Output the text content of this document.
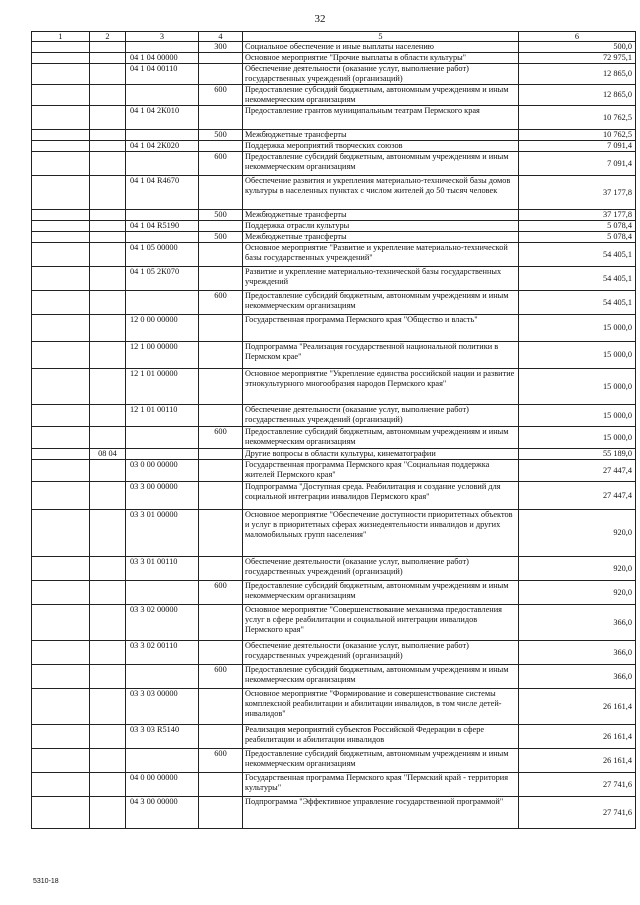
32
1	2	3	4	5	6
			300	Социальное обеспечение и иные выплаты населению	500,0
		04 1 04 00000		Основное мероприятие "Прочие выплаты в области культуры"	72 975,1
		04 1 04 00110		Обеспечение деятельности (оказание услуг, выполнение работ) государственных учреждений (организаций)	12 865,0
			600	Предоставление субсидий бюджетным, автономным учреждениям и иным некоммерческим организациям	12 865,0
		04 1 04 2К010		Предоставление грантов муниципальным театрам Пермского края	10 762,5
			500	Межбюджетные трансферты	10 762,5
		04 1 04 2К020		Поддержка мероприятий творческих союзов	7 091,4
			600	Предоставление субсидий бюджетным, автономным учреждениям и иным некоммерческим организациям	7 091,4
		04 1 04 R4670		Обеспечение развития и укрепления материально-технической базы домов культуры в населенных пунктах с числом жителей до 50 тысяч человек	37 177,8
			500	Межбюджетные трансферты	37 177,8
		04 1 04 R5190		Поддержка отрасли культуры	5 078,4
			500	Межбюджетные трансферты	5 078,4
		04 1 05 00000		Основное мероприятие "Развитие и укрепление материально-технической базы государственных учреждений"	54 405,1
		04 1 05 2К070		Развитие и укрепление материально-технической базы государственных учреждений	54 405,1
			600	Предоставление субсидий бюджетным, автономным учреждениям и иным некоммерческим организациям	54 405,1
		12 0 00 00000		Государственная программа Пермского края "Общество и власть"	15 000,0
		12 1 00 00000		Подпрограмма "Реализация государственной национальной политики в Пермском крае"	15 000,0
		12 1 01 00000		Основное мероприятие "Укрепление единства российской нации и развитие этнокультурного многообразия народов Пермского края"	15 000,0
		12 1 01 00110		Обеспечение деятельности (оказание услуг, выполнение работ) государственных учреждений (организаций)	15 000,0
			600	Предоставление субсидий бюджетным, автономным учреждениям и иным некоммерческим организациям	15 000,0
	08 04			Другие вопросы в области культуры, кинематографии	55 189,0
		03 0 00 00000		Государственная программа Пермского края "Социальная поддержка жителей Пермского края"	27 447,4
		03 3 00 00000		Подпрограмма "Доступная среда. Реабилитация и создание условий для социальной интеграции инвалидов Пермского края"	27 447,4
		03 3 01 00000		Основное мероприятие "Обеспечение доступности приоритетных объектов и услуг в приоритетных сферах жизнедеятельности инвалидов и других маломобильных групп населения"	920,0
		03 3 01 00110		Обеспечение деятельности (оказание услуг, выполнение работ) государственных учреждений (организаций)	920,0
			600	Предоставление субсидий бюджетным, автономным учреждениям и иным некоммерческим организациям	920,0
		03 3 02 00000		Основное мероприятие "Совершенствование механизма предоставления услуг в сфере реабилитации и социальной интеграции инвалидов Пермского края"	366,0
		03 3 02 00110		Обеспечение деятельности (оказание услуг, выполнение работ) государственных учреждений (организаций)	366,0
			600	Предоставление субсидий бюджетным, автономным учреждениям и иным некоммерческим организациям	366,0
		03 3 03 00000		Основное мероприятие "Формирование и совершенствование системы комплексной реабилитации и абилитации инвалидов, в том числе детей-инвалидов"	26 161,4
		03 3 03 R5140		Реализация мероприятий субъектов Российской Федерации в сфере реабилитации и абилитации инвалидов	26 161,4
			600	Предоставление субсидий бюджетным, автономным учреждениям и иным некоммерческим организациям	26 161,4
		04 0 00 00000		Государственная программа Пермского края "Пермский край - территория культуры"	27 741,6
		04 3 00 00000		Подпрограмма "Эффективное управление государственной программой"	27 741,6
5310-18
